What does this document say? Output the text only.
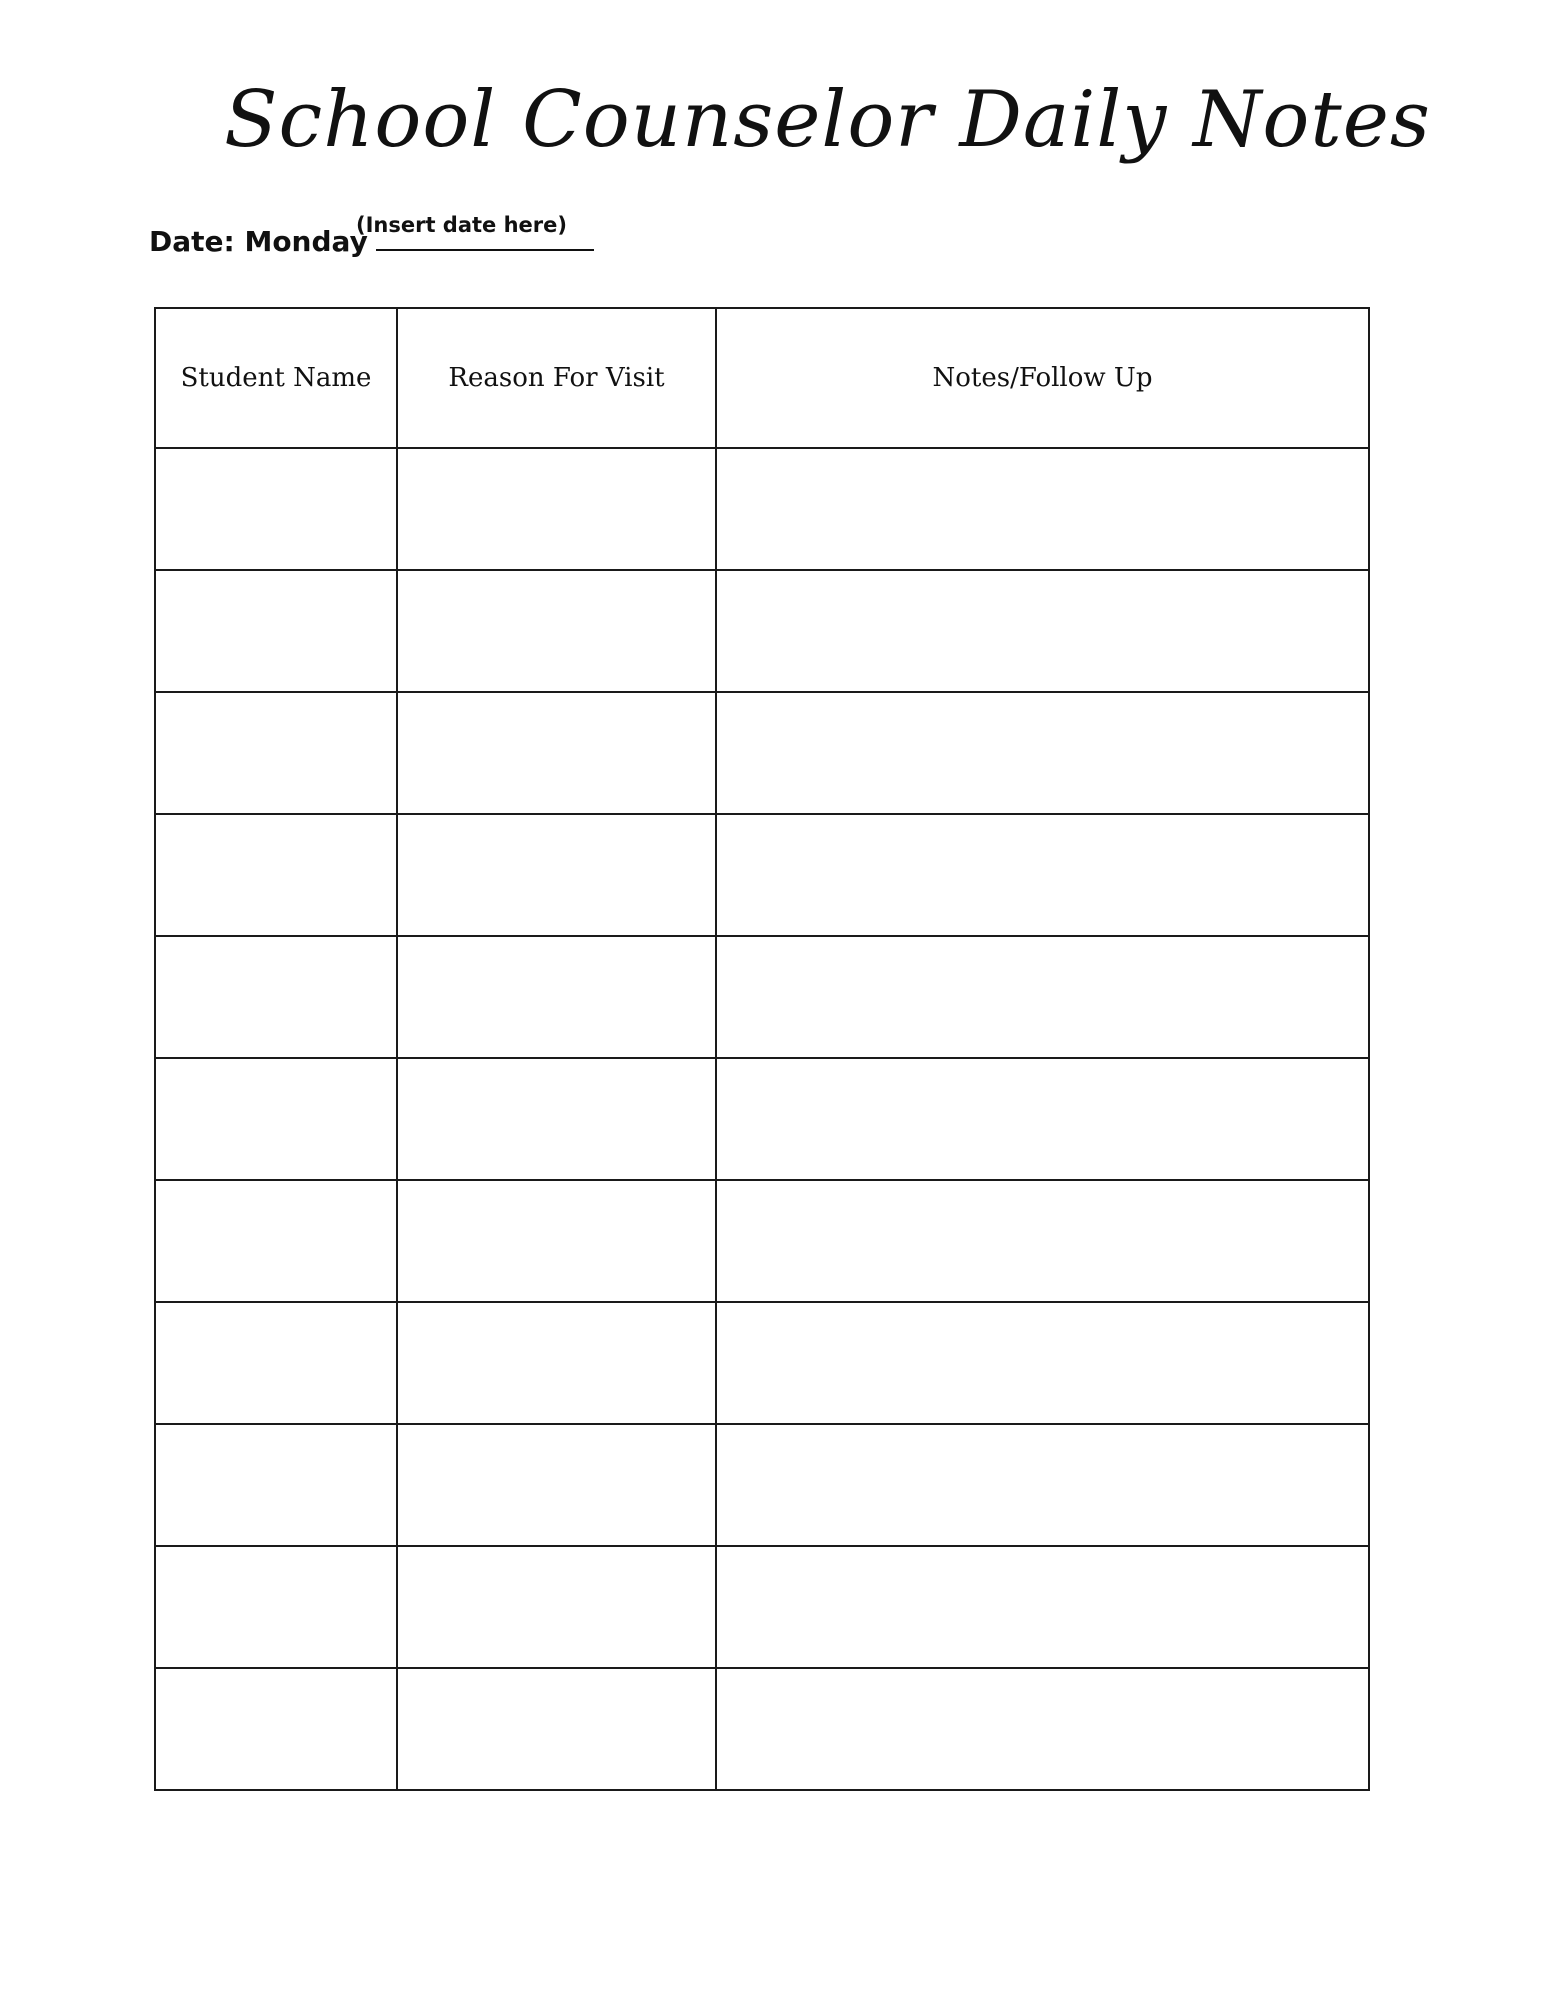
School Counselor Daily Notes
Date: Monday
(Insert date here)
Student Name	Reason For Visit	Notes/Follow Up
